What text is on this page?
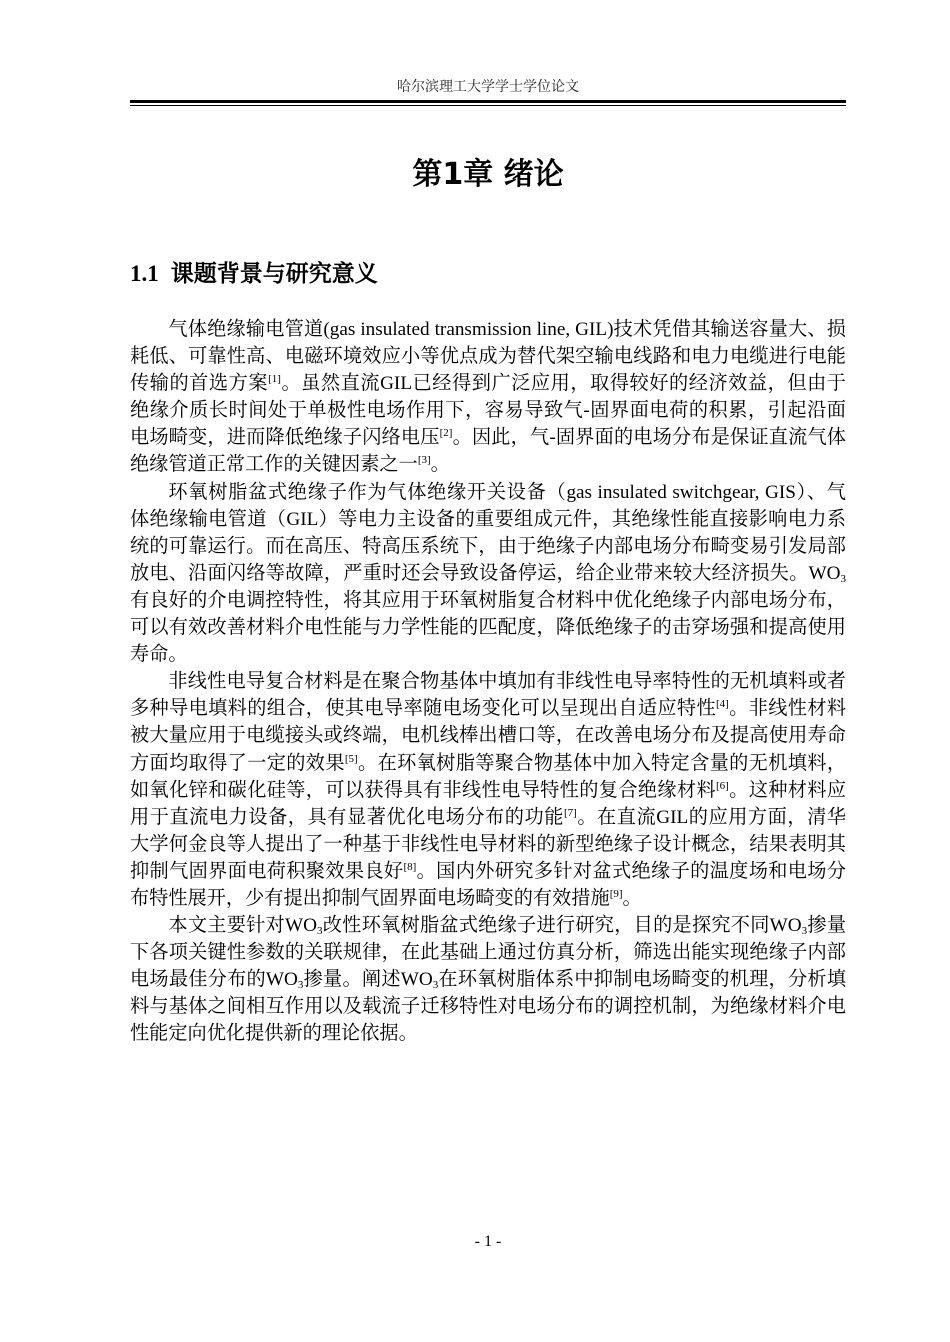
哈尔滨理工大学学士学位论文
第1章 绪论
1.1 课题背景与研究意义

气体绝缘输电管道(gas insulated transmission line, GIL)技术凭借其输送容量大、损耗低、可靠性高、电磁环境效应小等优点成为替代架空输电线路和电力电缆进行电能传输的首选方案[1]。虽然直流GIL已经得到广泛应用，取得较好的经济效益，但由于绝缘介质长时间处于单极性电场作用下，容易导致气-固界面电荷的积累，引起沿面电场畸变，进而降低绝缘子闪络电压[2]。因此，气-固界面的电场分布是保证直流气体绝缘管道正常工作的关键因素之一[3]。

环氧树脂盆式绝缘子作为气体绝缘开关设备（gas insulated switchgear, GIS）、气体绝缘输电管道（GIL）等电力主设备的重要组成元件，其绝缘性能直接影响电力系统的可靠运行。而在高压、特高压系统下，由于绝缘子内部电场分布畸变易引发局部放电、沿面闪络等故障，严重时还会导致设备停运，给企业带来较大经济损失。$WO_3$有良好的介电调控特性，将其应用于环氧树脂复合材料中优化绝缘子内部电场分布，可以有效改善材料介电性能与力学性能的匹配度，降低绝缘子的击穿场强和提高使用寿命。

非线性电导复合材料是在聚合物基体中填加有非线性电导率特性的无机填料或者多种导电填料的组合，使其电导率随电场变化可以呈现出自适应特性[4]。非线性材料被大量应用于电缆接头或终端，电机线棒出槽口等，在改善电场分布及提高使用寿命方面均取得了一定的效果[5]。在环氧树脂等聚合物基体中加入特定含量的无机填料，如氧化锌和碳化硅等，可以获得具有非线性电导特性的复合绝缘材料[6]。这种材料应用于直流电力设备，具有显著优化电场分布的功能[7]。在直流GIL的应用方面，清华大学何金良等人提出了一种基于非线性电导材料的新型绝缘子设计概念，结果表明其抑制气固界面电荷积聚效果良好[8]。国内外研究多针对盆式绝缘子的温度场和电场分布特性展开，少有提出抑制气固界面电场畸变的有效措施[9]。

本文主要针对$WO_3$改性环氧树脂盆式绝缘子进行研究，目的是探究不同$WO_3$掺量下各项关键性参数的关联规律，在此基础上通过仿真分析，筛选出能实现绝缘子内部电场最佳分布的$WO_3$掺量。阐述$WO_3$在环氧树脂体系中抑制电场畸变的机理，分析填料与基体之间相互作用以及载流子迁移特性对电场分布的调控机制，为绝缘材料介电性能定向优化提供新的理论依据。

- 1 -
